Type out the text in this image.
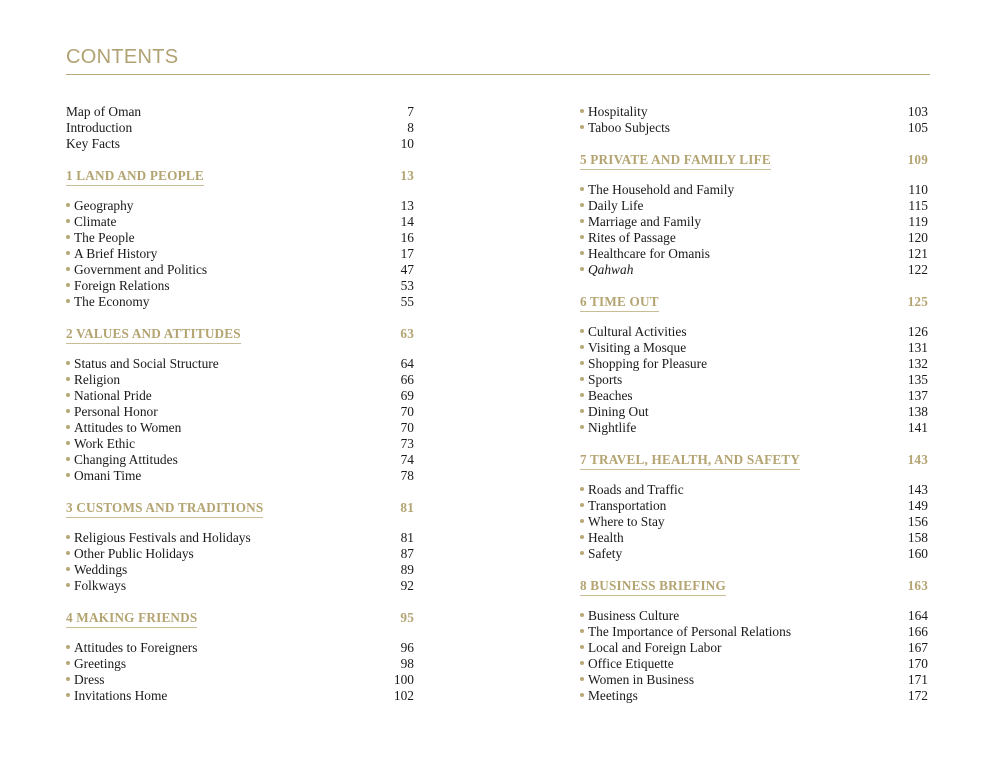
CONTENTS
Map of Oman	7
Introduction	8
Key Facts	10
1 LAND AND PEOPLE	13
Geography	13
Climate	14
The People	16
A Brief History	17
Government and Politics	47
Foreign Relations	53
The Economy	55
2 VALUES AND ATTITUDES	63
Status and Social Structure	64
Religion	66
National Pride	69
Personal Honor	70
Attitudes to Women	70
Work Ethic	73
Changing Attitudes	74
Omani Time	78
3 CUSTOMS AND TRADITIONS	81
Religious Festivals and Holidays	81
Other Public Holidays	87
Weddings	89
Folkways	92
4 MAKING FRIENDS	95
Attitudes to Foreigners	96
Greetings	98
Dress	100
Invitations Home	102
Hospitality	103
Taboo Subjects	105
5 PRIVATE AND FAMILY LIFE	109
The Household and Family	110
Daily Life	115
Marriage and Family	119
Rites of Passage	120
Healthcare for Omanis	121
Qahwah	122
6 TIME OUT	125
Cultural Activities	126
Visiting a Mosque	131
Shopping for Pleasure	132
Sports	135
Beaches	137
Dining Out	138
Nightlife	141
7 TRAVEL, HEALTH, AND SAFETY	143
Roads and Traffic	143
Transportation	149
Where to Stay	156
Health	158
Safety	160
8 BUSINESS BRIEFING	163
Business Culture	164
The Importance of Personal Relations	166
Local and Foreign Labor	167
Office Etiquette	170
Women in Business	171
Meetings	172
